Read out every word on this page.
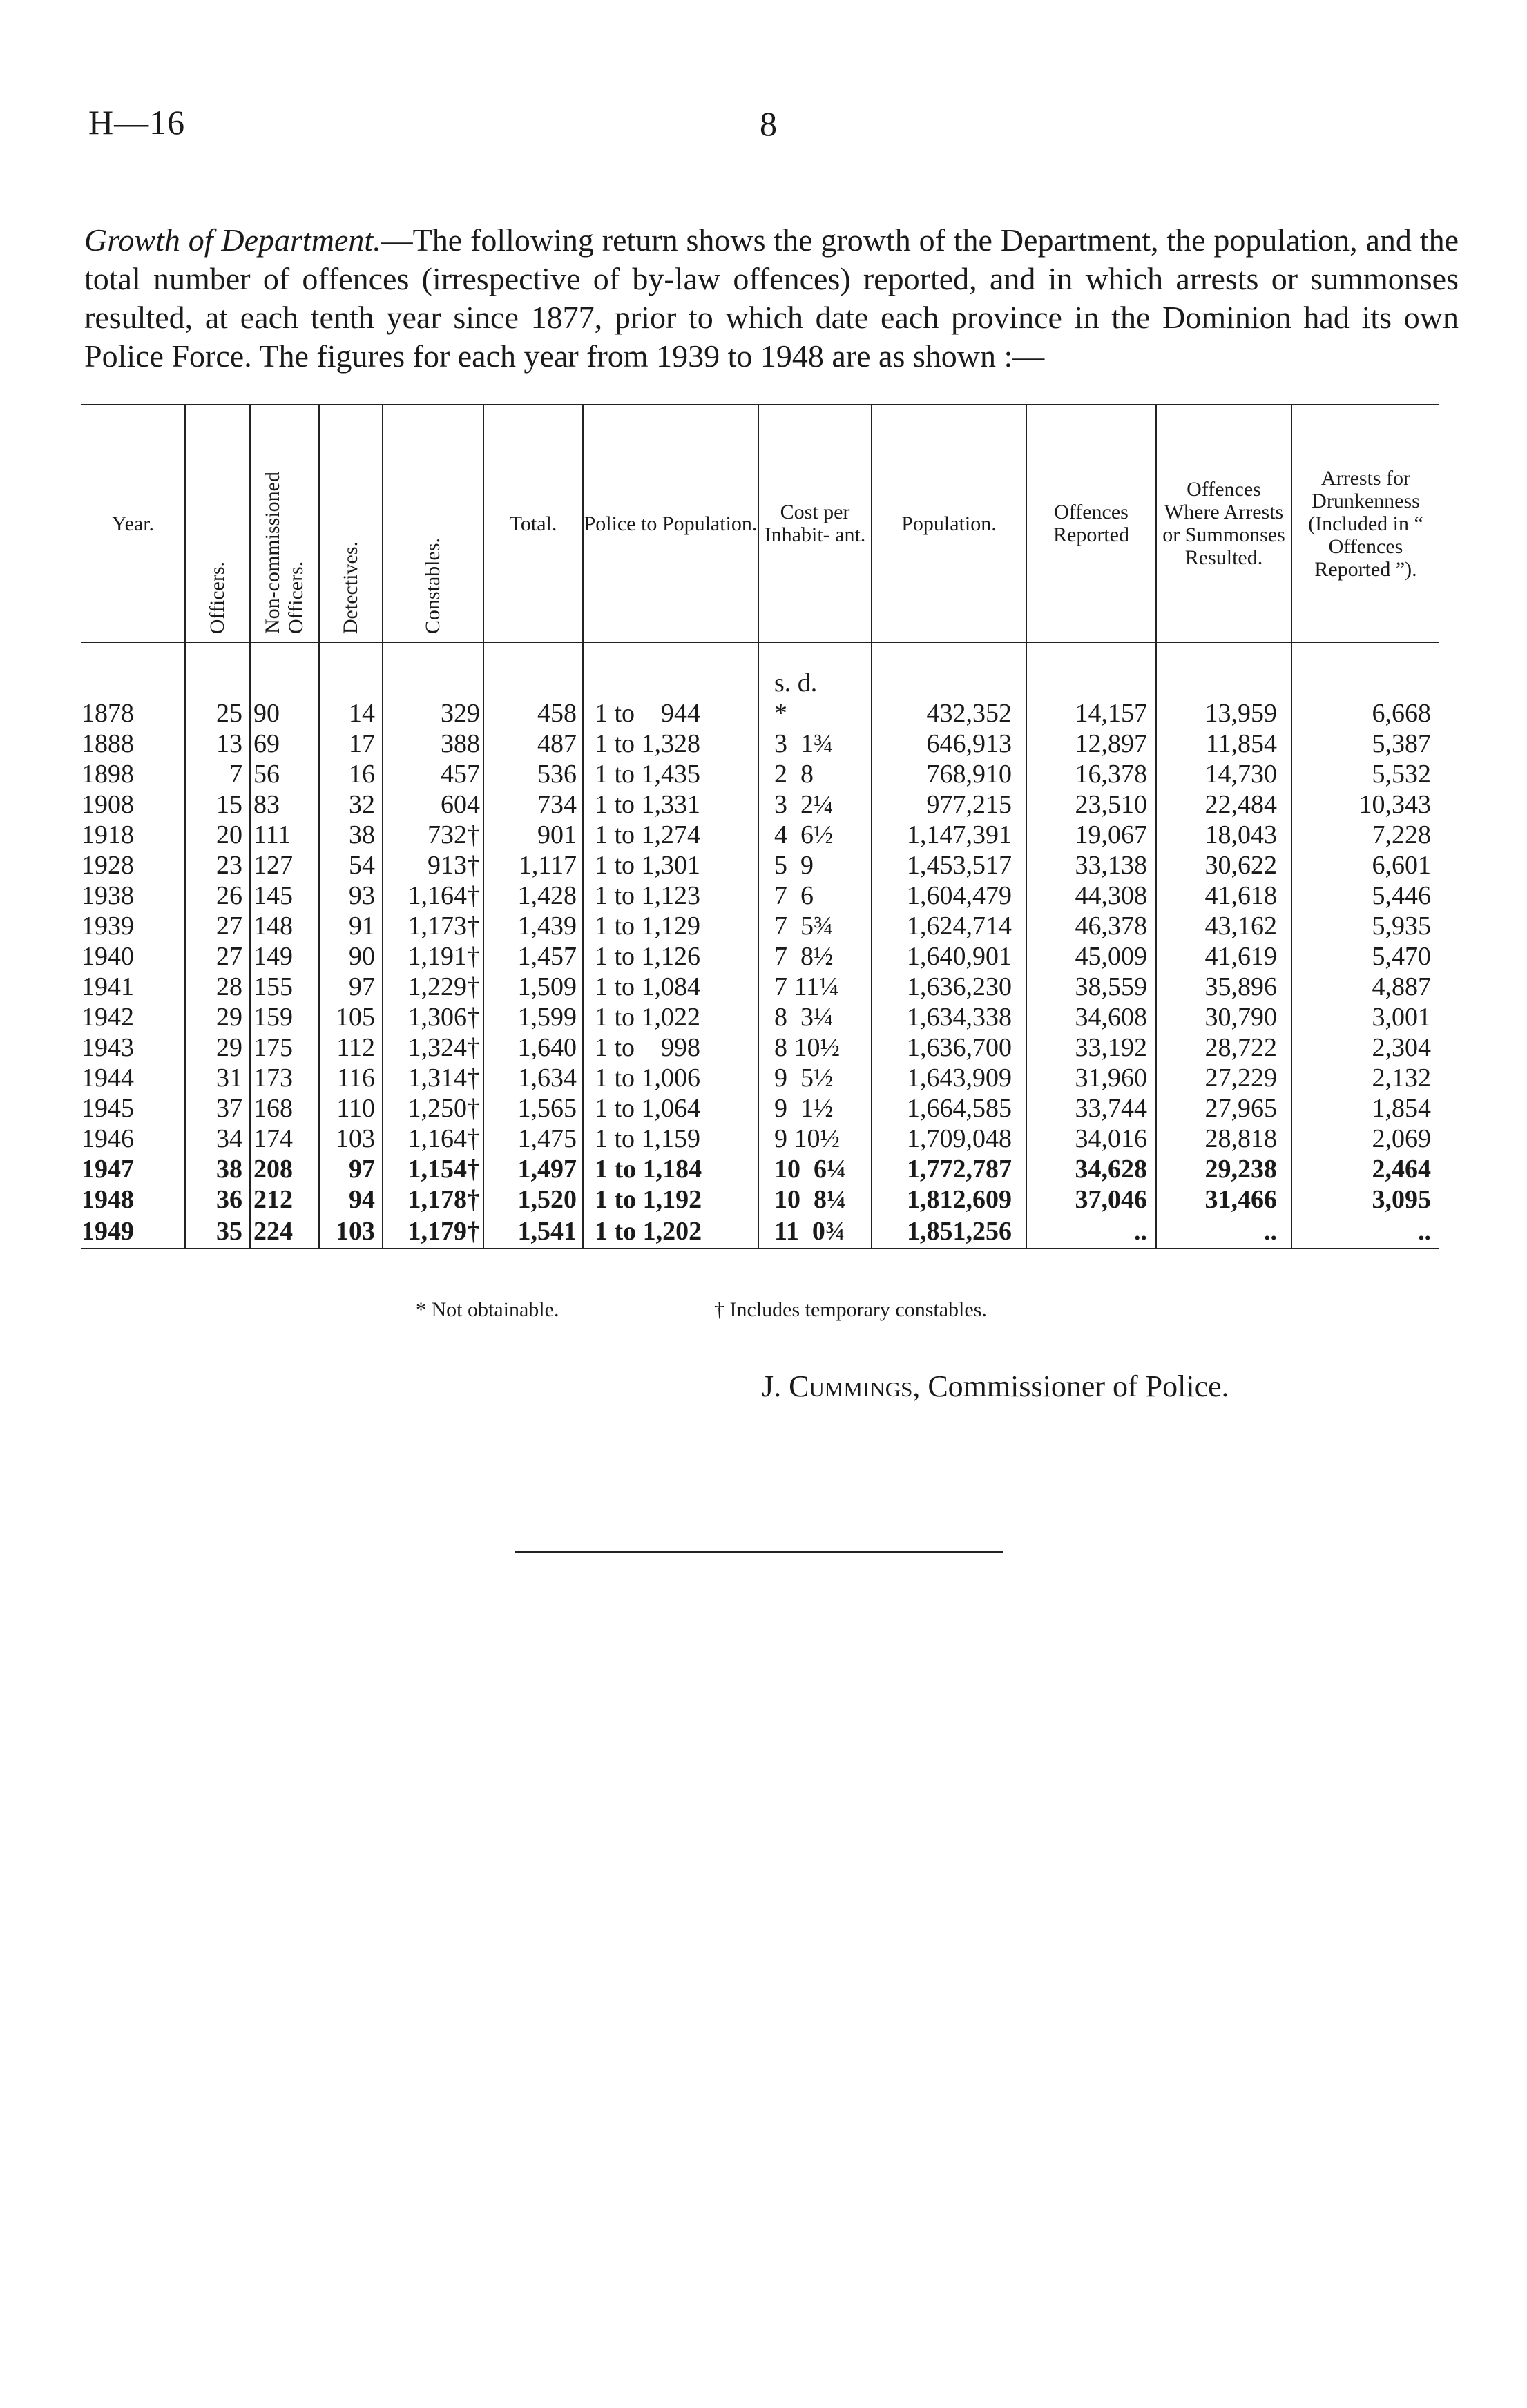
H—16	8

Growth of Department.—The following return shows the growth of the Department, the population, and the total number of offences (irrespective of by-law offences) reported, and in which arrests or summonses resulted, at each tenth year since 1877, prior to which date each province in the Dominion had its own Police Force. The figures for each year from 1939 to 1948 are as shown :—

Year.	Officers.	Non-commissioned Officers.	Detectives.	Constables.	Total.	Police to Population.	Cost per Inhabit- ant.	Population.	Offences Reported	Offences Where Arrests or Summonses Resulted.	Arrests for Drunkenness (Included in “ Offences Reported ”).
							s. d.				
1878	25	90	14	329	458	1 to    944	*	432,352	14,157	13,959	6,668
1888	13	69	17	388	487	1 to 1,328	3  1¾	646,913	12,897	11,854	5,387
1898	7	56	16	457	536	1 to 1,435	2  8	768,910	16,378	14,730	5,532
1908	15	83	32	604	734	1 to 1,331	3  2¼	977,215	23,510	22,484	10,343
1918	20	111	38	732†	901	1 to 1,274	4  6½	1,147,391	19,067	18,043	7,228
1928	23	127	54	913†	1,117	1 to 1,301	5  9	1,453,517	33,138	30,622	6,601
1938	26	145	93	1,164†	1,428	1 to 1,123	7  6	1,604,479	44,308	41,618	5,446
1939	27	148	91	1,173†	1,439	1 to 1,129	7  5¾	1,624,714	46,378	43,162	5,935
1940	27	149	90	1,191†	1,457	1 to 1,126	7  8½	1,640,901	45,009	41,619	5,470
1941	28	155	97	1,229†	1,509	1 to 1,084	7 11¼	1,636,230	38,559	35,896	4,887
1942	29	159	105	1,306†	1,599	1 to 1,022	8  3¼	1,634,338	34,608	30,790	3,001
1943	29	175	112	1,324†	1,640	1 to    998	8 10½	1,636,700	33,192	28,722	2,304
1944	31	173	116	1,314†	1,634	1 to 1,006	9  5½	1,643,909	31,960	27,229	2,132
1945	37	168	110	1,250†	1,565	1 to 1,064	9  1½	1,664,585	33,744	27,965	1,854
1946	34	174	103	1,164†	1,475	1 to 1,159	9 10½	1,709,048	34,016	28,818	2,069
1947	38	208	97	1,154†	1,497	1 to 1,184	10  6¼	1,772,787	34,628	29,238	2,464
1948	36	212	94	1,178†	1,520	1 to 1,192	10  8¼	1,812,609	37,046	31,466	3,095
1949	35	224	103	1,179†	1,541	1 to 1,202	11  0¾	1,851,256	..	..	..
* Not obtainable.	† Includes temporary constables.
J. Cummings, Commissioner of Police.
